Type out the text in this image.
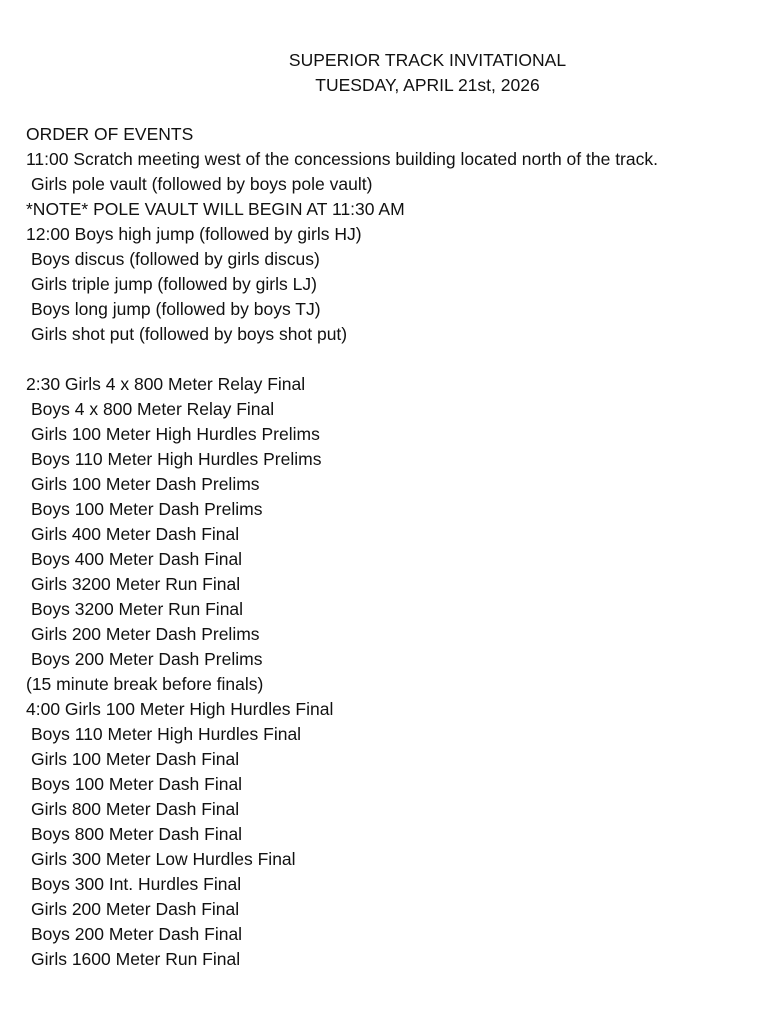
SUPERIOR TRACK INVITATIONAL
TUESDAY, APRIL 21st, 2026
ORDER OF EVENTS
11:00 Scratch meeting west of the concessions building located north of the track.
Girls pole vault (followed by boys pole vault)
*NOTE* POLE VAULT WILL BEGIN AT 11:30 AM
12:00 Boys high jump (followed by girls HJ)
Boys discus (followed by girls discus)
Girls triple jump (followed by girls LJ)
Boys long jump (followed by boys TJ)
Girls shot put (followed by boys shot put)
2:30 Girls 4 x 800 Meter Relay Final
Boys 4 x 800 Meter Relay Final
Girls 100 Meter High Hurdles Prelims
Boys 110 Meter High Hurdles Prelims
Girls 100 Meter Dash Prelims
Boys 100 Meter Dash Prelims
Girls 400 Meter Dash Final
Boys 400 Meter Dash Final
Girls 3200 Meter Run Final
Boys 3200 Meter Run Final
Girls 200 Meter Dash Prelims
Boys 200 Meter Dash Prelims
(15 minute break before finals)
4:00 Girls 100 Meter High Hurdles Final
Boys 110 Meter High Hurdles Final
Girls 100 Meter Dash Final
Boys 100 Meter Dash Final
Girls 800 Meter Dash Final
Boys 800 Meter Dash Final
Girls 300 Meter Low Hurdles Final
Boys 300 Int. Hurdles Final
Girls 200 Meter Dash Final
Boys 200 Meter Dash Final
Girls 1600 Meter Run Final
